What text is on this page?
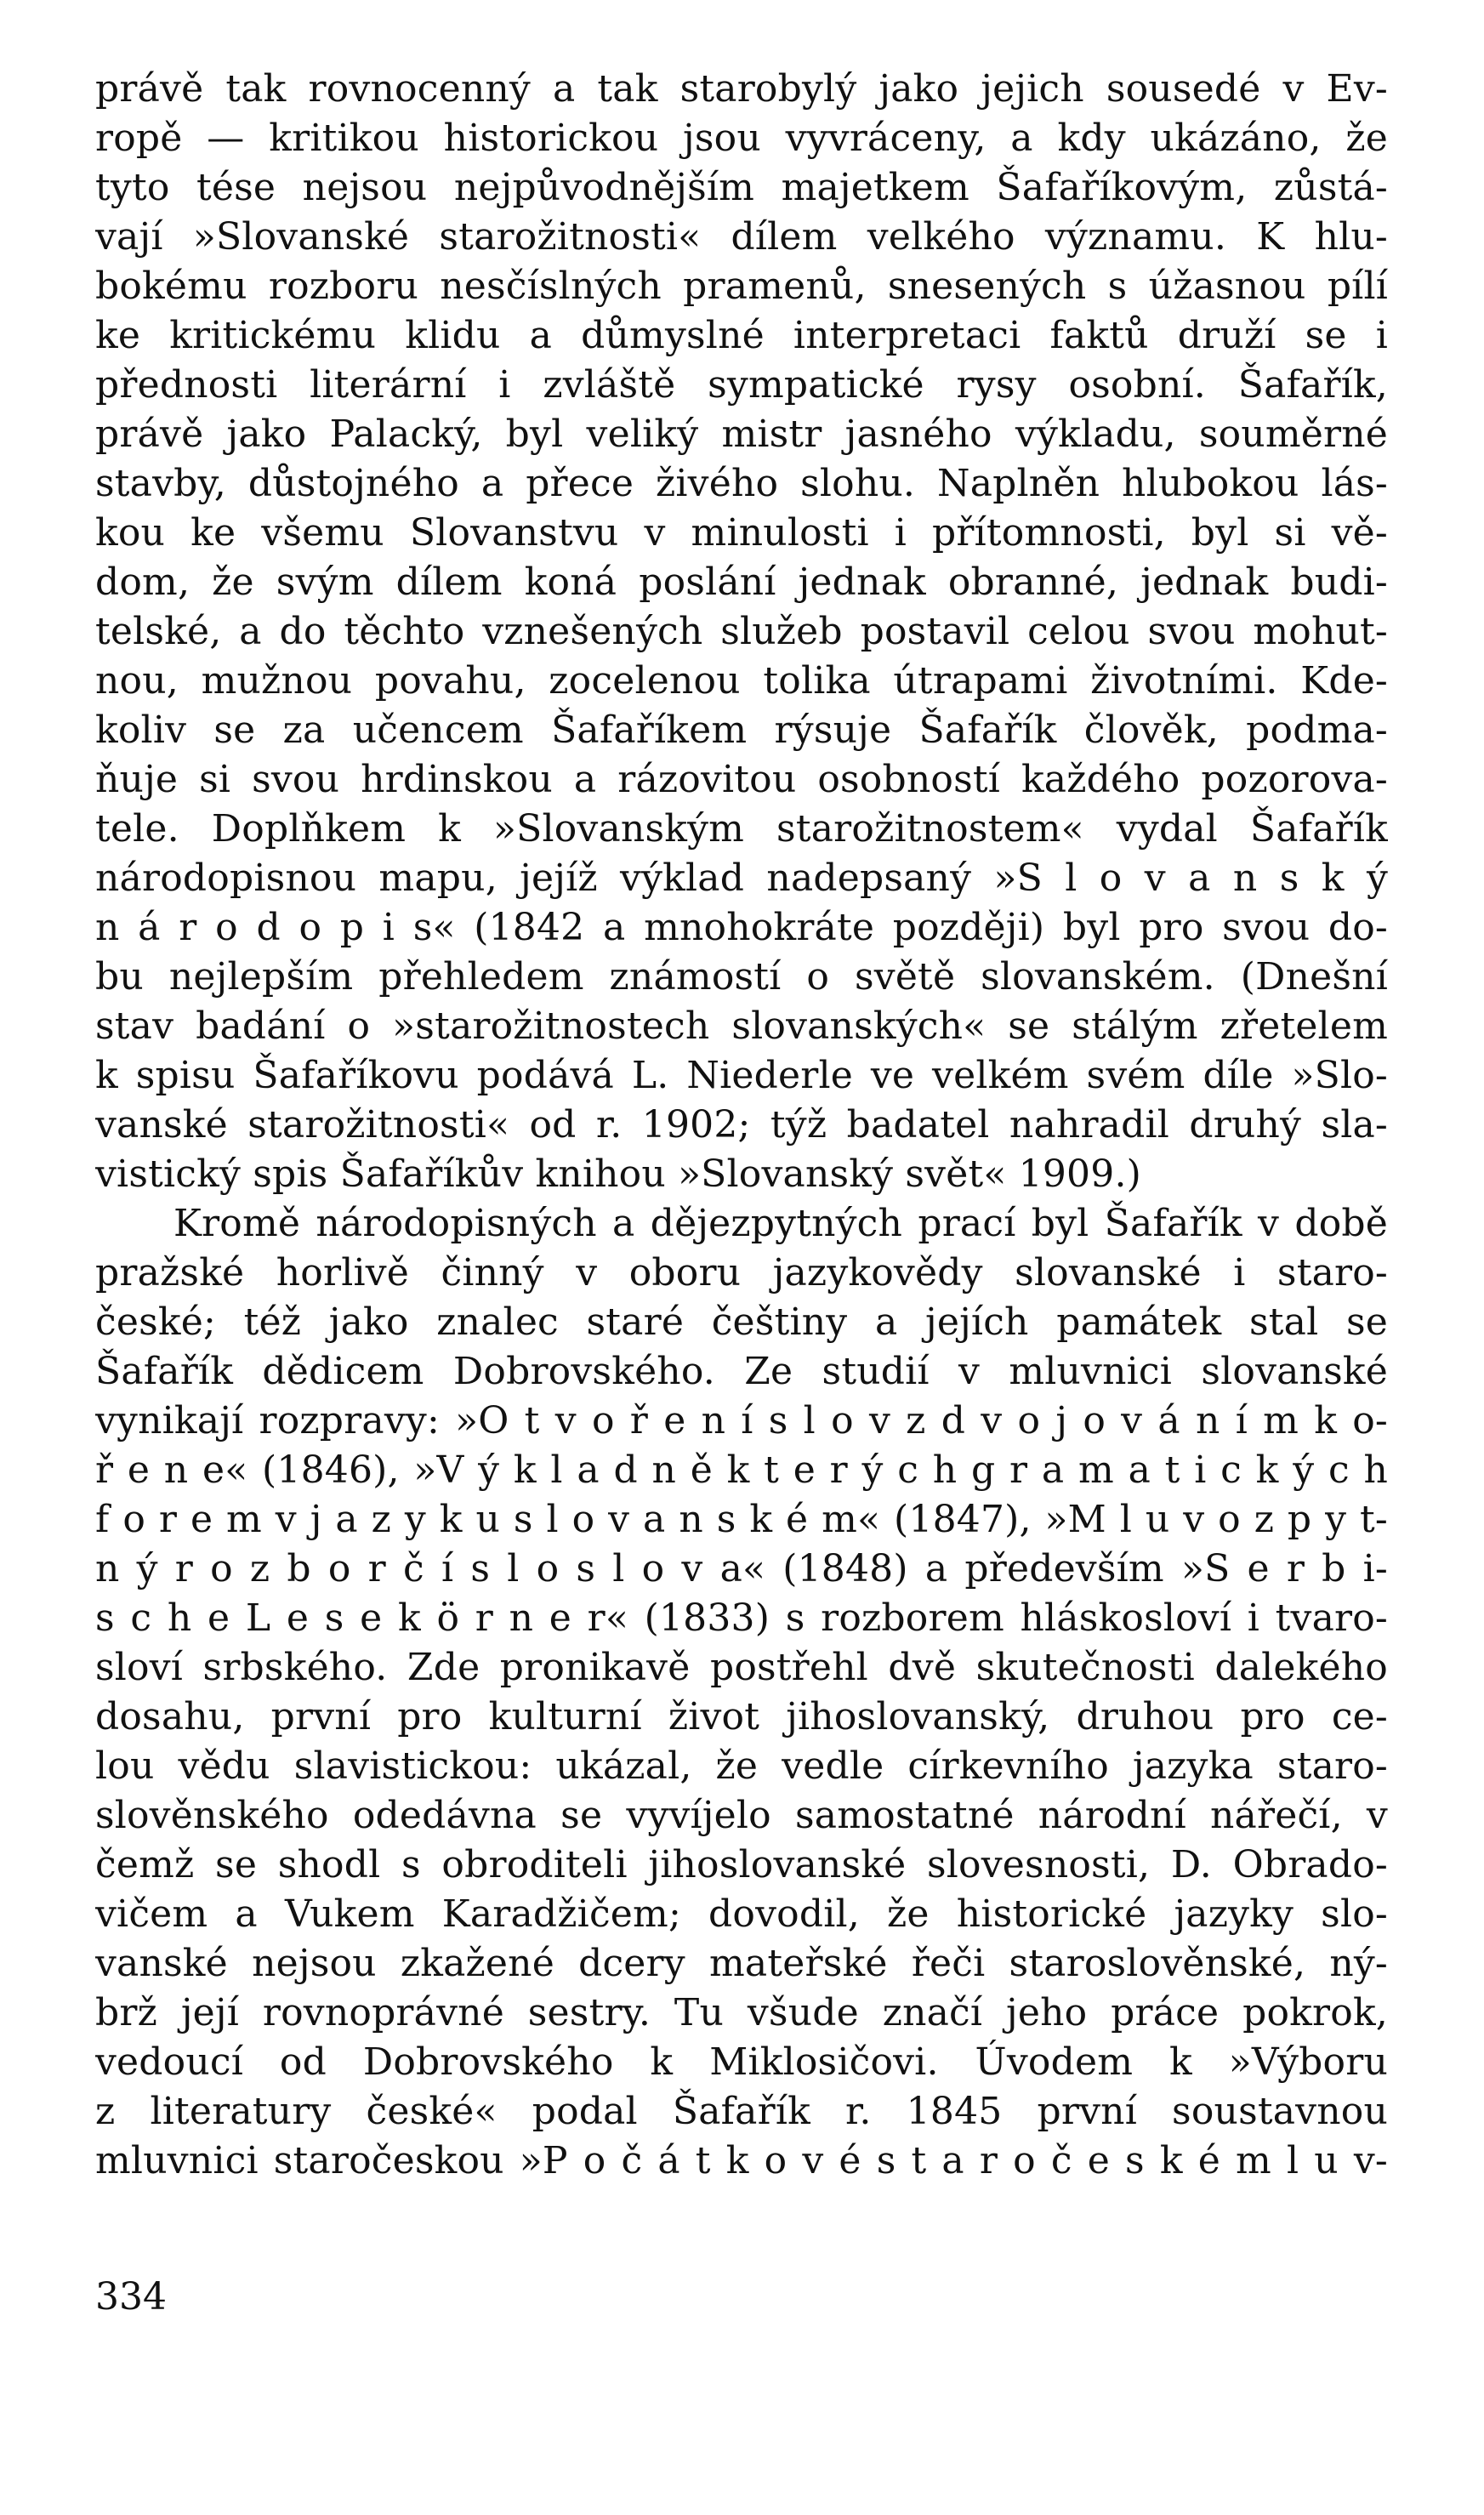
právě tak rovnocenný a tak starobylý jako jejich sousedé v Ev-
ropě — kritikou historickou jsou vyvráceny, a kdy ukázáno, že
tyto tése nejsou nejpůvodnějším majetkem Šafaříkovým, zůstá-
vají »Slovanské starožitnosti« dílem velkého významu. K hlu-
bokému rozboru nesčíslných pramenů, snesených s úžasnou pílí
ke kritickému klidu a důmyslné interpretaci faktů druží se i
přednosti literární i zvláště sympatické rysy osobní. Šafařík,
právě jako Palacký, byl veliký mistr jasného výkladu, souměrné
stavby, důstojného a přece živého slohu. Naplněn hlubokou lás-
kou ke všemu Slovanstvu v minulosti i přítomnosti, byl si vě-
dom, že svým dílem koná poslání jednak obranné, jednak budi-
telské, a do těchto vznešených služeb postavil celou svou mohut-
nou, mužnou povahu, zocelenou tolika útrapami životními. Kde-
koliv se za učencem Šafaříkem rýsuje Šafařík člověk, podma-
ňuje si svou hrdinskou a rázovitou osobností každého pozorova-
tele. Doplňkem k »Slovanským starožitnostem« vydal Šafařík
národopisnou mapu, jejíž výklad nadepsaný »S l o v a n s k ý
n á r o d o p i s« (1842 a mnohokráte později) byl pro svou do-
bu nejlepším přehledem známostí o světě slovanském. (Dnešní
stav badání o »starožitnostech slovanských« se stálým zřetelem
k spisu Šafaříkovu podává L. Niederle ve velkém svém díle »Slo-
vanské starožitnosti« od r. 1902; týž badatel nahradil druhý sla-
vistický spis Šafaříkův knihou »Slovanský svět« 1909.)
Kromě národopisných a dějezpytných prací byl Šafařík v době
pražské horlivě činný v oboru jazykovědy slovanské i staro-
české; též jako znalec staré češtiny a jejích památek stal se
Šafařík dědicem Dobrovského. Ze studií v mluvnici slovanské
vynikají rozpravy: »O t v o ř e n í s l o v z d v o j o v á n í m k o-
ř e n e« (1846), »V ý k l a d n ě k t e r ý c h g r a m a t i c k ý c h
f o r e m v j a z y k u s l o v a n s k é m« (1847), »M l u v o z p y t-
n ý r o z b o r č í s l o s l o v a« (1848) a především »S e r b i-
s c h e L e s e k ö r n e r« (1833) s rozborem hláskosloví i tvaro-
sloví srbského. Zde pronikavě postřehl dvě skutečnosti dalekého
dosahu, první pro kulturní život jihoslovanský, druhou pro ce-
lou vědu slavistickou: ukázal, že vedle církevního jazyka staro-
slověnského odedávna se vyvíjelo samostatné národní nářečí, v
čemž se shodl s obroditeli jihoslovanské slovesnosti, D. Obrado-
vičem a Vukem Karadžičem; dovodil, že historické jazyky slo-
vanské nejsou zkažené dcery mateřské řeči staroslověnské, ný-
brž její rovnoprávné sestry. Tu všude značí jeho práce pokrok,
vedoucí od Dobrovského k Miklosičovi. Úvodem k »Výboru
z literatury české« podal Šafařík r. 1845 první soustavnou
mluvnici staročeskou »P o č á t k o v é s t a r o č e s k é m l u v-
334
